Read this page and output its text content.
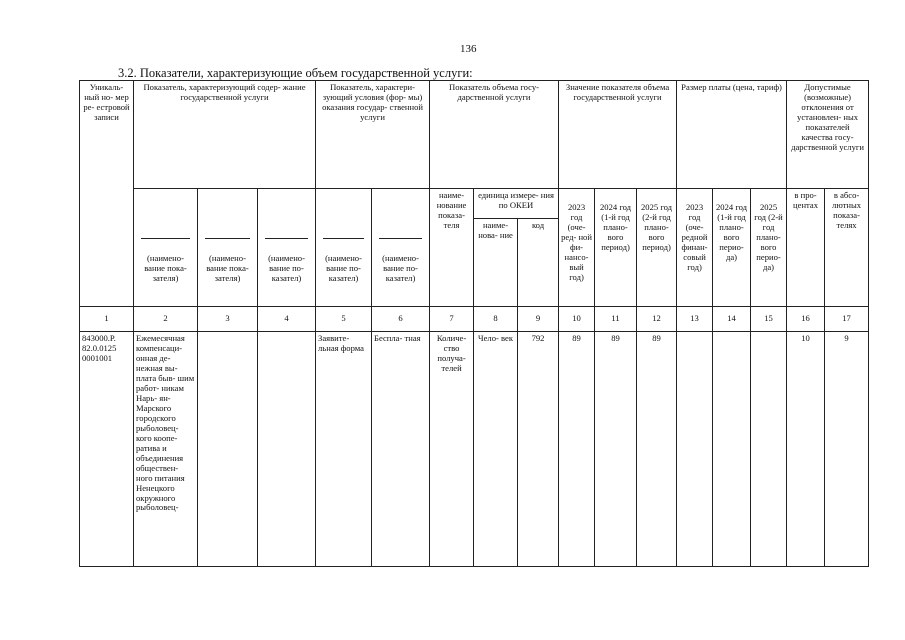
136
3.2. Показатели, характеризующие объем государственной услуги:
Уникаль- ный но- мер ре- естровой записи	Показатель, характеризующий содер- жание государственной услуги			Показатель, характери- зующий условия (фор- мы) оказания государ- ственной услуги		Показатель объема госу- дарственной услуги			Значение показателя объема государственной услуги			Размер платы (цена, тариф)			Допустимые (возможные) отклонения от установлен- ных показателей качества госу- дарственной услуги	

(наимено- вание пока- зателя)	(наимено- вание пока- зателя)	(наимено- вание по- казател)	(наимено- вание по- казател)	(наимено- вание по- казател)	наиме- нование показа- теля	единица измере- ния по ОКЕИ		2023 год (оче- ред- ной фи- нансо- вый год)	2024 год (1-й год плано- вого период)	2025 год (2-й год плано- вого период)	2023 год (оче- редной финан- совый год)	2024 год (1-й год плано- вого перио- да)	2025 год (2-й год плано- вого перио- да)	в про- центах	в абсо- лютных показа- телях
							наиме- нова- ние	код								

1	2	3	4	5	6	7	8	9	10	11	12	13	14	15	16	17
843000.Р. 82.0.0125 0001001	Ежемесячная компенсаци- онная де- нежная вы- плата быв- шим работ- никам Нарь- ян-Марского городского рыболовец- кого коопе- ратива и объединения обществен- ного питания Ненецкого окружного рыболовец-			Заявите- льная форма	Беспла- тная	Количе- ство получа- телей	Чело- век	792	89	89	89				10	9
